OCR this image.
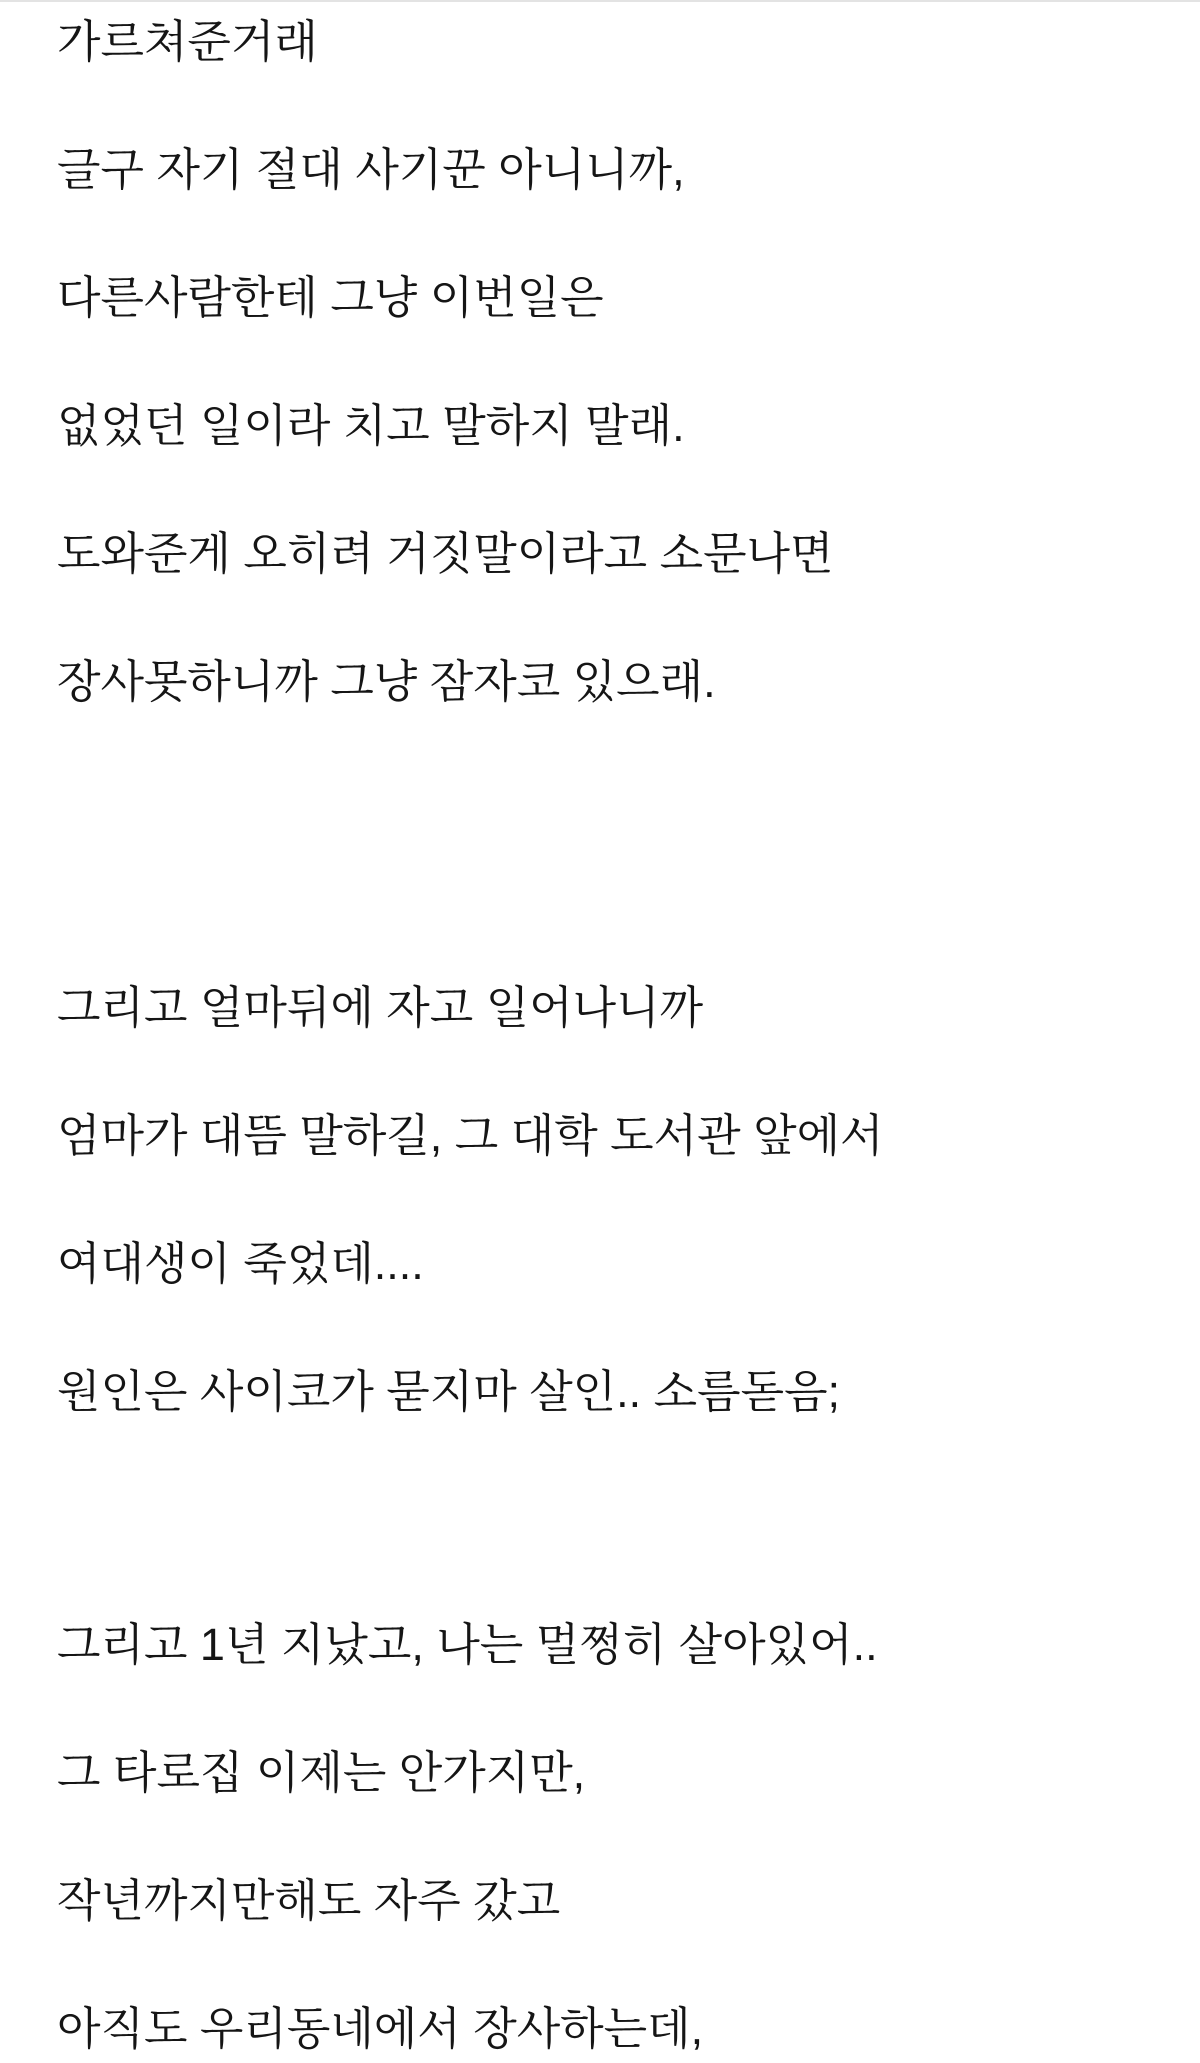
가르쳐준거래

글구 자기 절대 사기꾼 아니니까,

다른사람한테 그냥 이번일은

없었던 일이라 치고 말하지 말래.

도와준게 오히려 거짓말이라고 소문나면

장사못하니까 그냥 잠자코 있으래.

그리고 얼마뒤에 자고 일어나니까

엄마가 대뜸 말하길, 그 대학 도서관 앞에서

여대생이 죽었데....

원인은 사이코가 묻지마 살인.. 소름돋음;

그리고 1년 지났고, 나는 멀쩡히 살아있어..

그 타로집 이제는 안가지만,

작년까지만해도 자주 갔고

아직도 우리동네에서 장사하는데,
